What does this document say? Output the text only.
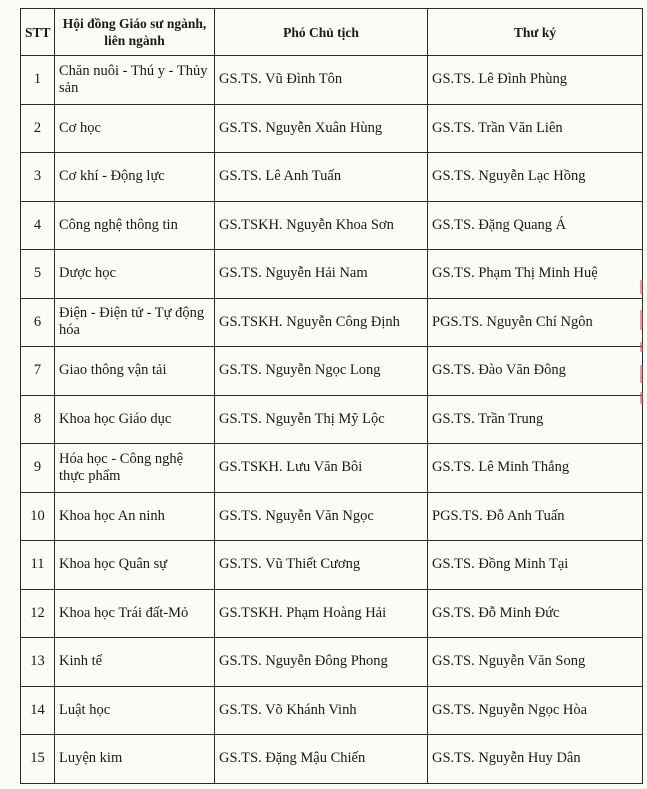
STT	Hội đồng Giáo sư ngành, liên ngành	Phó Chủ tịch	Thư ký
1	Chăn nuôi - Thú y - Thủy sản	GS.TS. Vũ Đình Tôn	GS.TS. Lê Đình Phùng
2	Cơ học	GS.TS. Nguyễn Xuân Hùng	GS.TS. Trần Văn Liên
3	Cơ khí - Động lực	GS.TS. Lê Anh Tuấn	GS.TS. Nguyễn Lạc Hồng
4	Công nghệ thông tin	GS.TSKH. Nguyễn Khoa Sơn	GS.TS. Đặng Quang Á
5	Dược học	GS.TS. Nguyễn Hải Nam	GS.TS. Phạm Thị Minh Huệ
6	Điện - Điện tử - Tự động hóa	GS.TSKH. Nguyễn Công Định	PGS.TS. Nguyễn Chí Ngôn
7	Giao thông vận tải	GS.TS. Nguyễn Ngọc Long	GS.TS. Đào Văn Đông
8	Khoa học Giáo dục	GS.TS. Nguyễn Thị Mỹ Lộc	GS.TS. Trần Trung
9	Hóa học - Công nghệ thực phẩm	GS.TSKH. Lưu Văn Bôi	GS.TS. Lê Minh Thắng
10	Khoa học An ninh	GS.TS. Nguyễn Văn Ngọc	PGS.TS. Đỗ Anh Tuấn
11	Khoa học Quân sự	GS.TS. Vũ Thiết Cương	GS.TS. Đồng Minh Tại
12	Khoa học Trái đất-Mỏ	GS.TSKH. Phạm Hoàng Hải	GS.TS. Đỗ Minh Đức
13	Kinh tế	GS.TS. Nguyễn Đông Phong	GS.TS. Nguyễn Văn Song
14	Luật học	GS.TS. Võ Khánh Vinh	GS.TS. Nguyễn Ngọc Hòa
15	Luyện kim	GS.TS. Đặng Mậu Chiến	GS.TS. Nguyễn Huy Dân
